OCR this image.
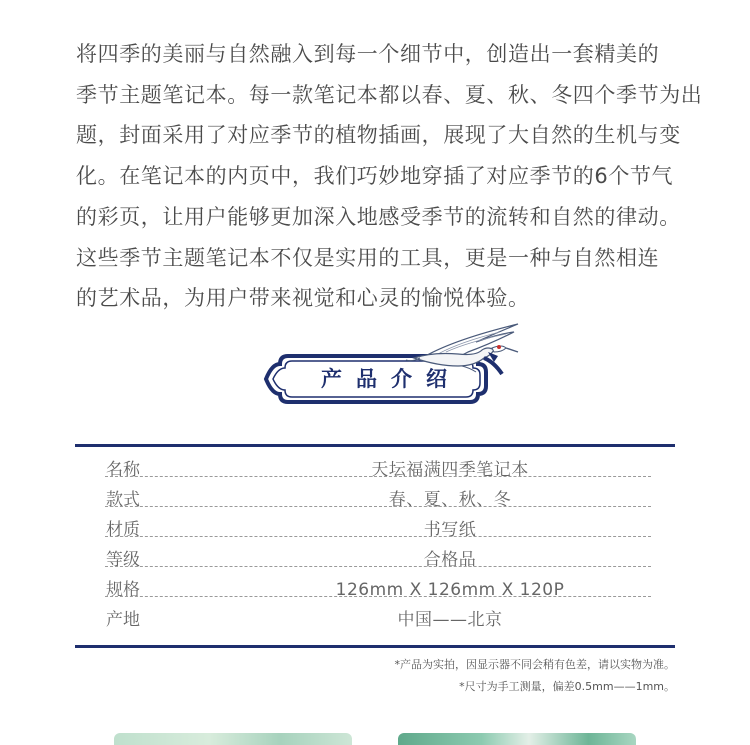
将四季的美丽与自然融入到每一个细节中，创造出一套精美的
季节主题笔记本。每一款笔记本都以春、夏、秋、冬四个季节为出
题，封面采用了对应季节的植物插画，展现了大自然的生机与变
化。在笔记本的内页中，我们巧妙地穿插了对应季节的6个节气
的彩页，让用户能够更加深入地感受季节的流转和自然的律动。
这些季节主题笔记本不仅是实用的工具，更是一种与自然相连
的艺术品，为用户带来视觉和心灵的愉悦体验。
产品介绍
名称	天坛福满四季笔记本
款式	春、夏、秋、冬
材质	书写纸
等级	合格品
规格	126mm X 126mm X 120P
产地	中国——北京
*产品为实拍，因显示器不同会稍有色差，请以实物为准。
*尺寸为手工测量，偏差0.5mm——1mm。
